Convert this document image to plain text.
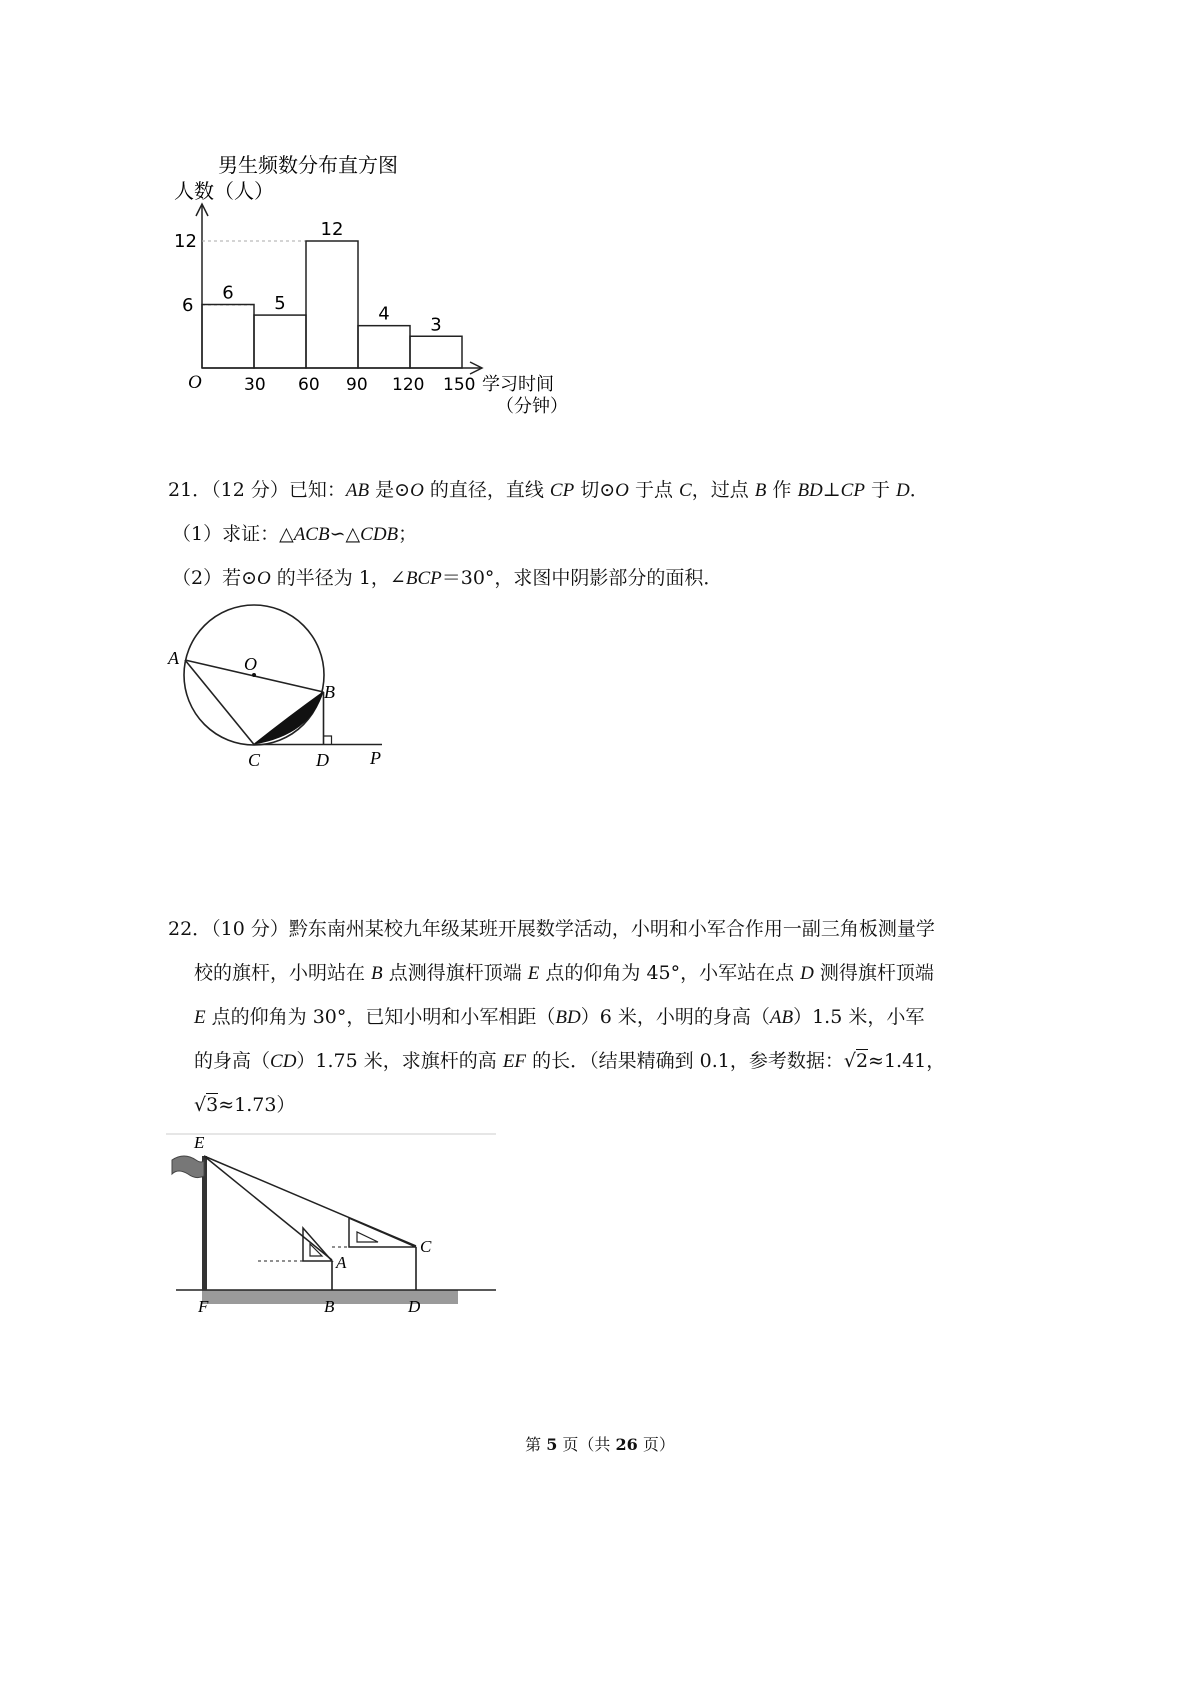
男生频数分布直方图
人数（人）
6
5
12
4
3
12
6
O 30 60 90 120 150 学习时间
（分钟）
21．（12 分）已知：AB 是⊙O 的直径，直线 CP 切⊙O 于点 C，过点 B 作 BD⊥CP 于 D．
（1）求证：△ACB∽△CDB；
（2）若⊙O 的半径为 1，∠BCP＝30°，求图中阴影部分的面积．
A	O
B
C	D P
22．（10 分）黔东南州某校九年级某班开展数学活动，小明和小军合作用一副三角板测量学
校的旗杆，小明站在 B 点测得旗杆顶端 E 点的仰角为 45°，小军站在点 D 测得旗杆顶端
E 点的仰角为 30°，已知小明和小军相距（BD）6 米，小明的身高（AB）1.5 米，小军
的身高（CD）1.75 米，求旗杆的高 EF 的长．（结果精确到 0.1，参考数据：√2≈1.41，
√3≈1.73）
E
A
C
F	B	D
第 5 页（共 26 页）
